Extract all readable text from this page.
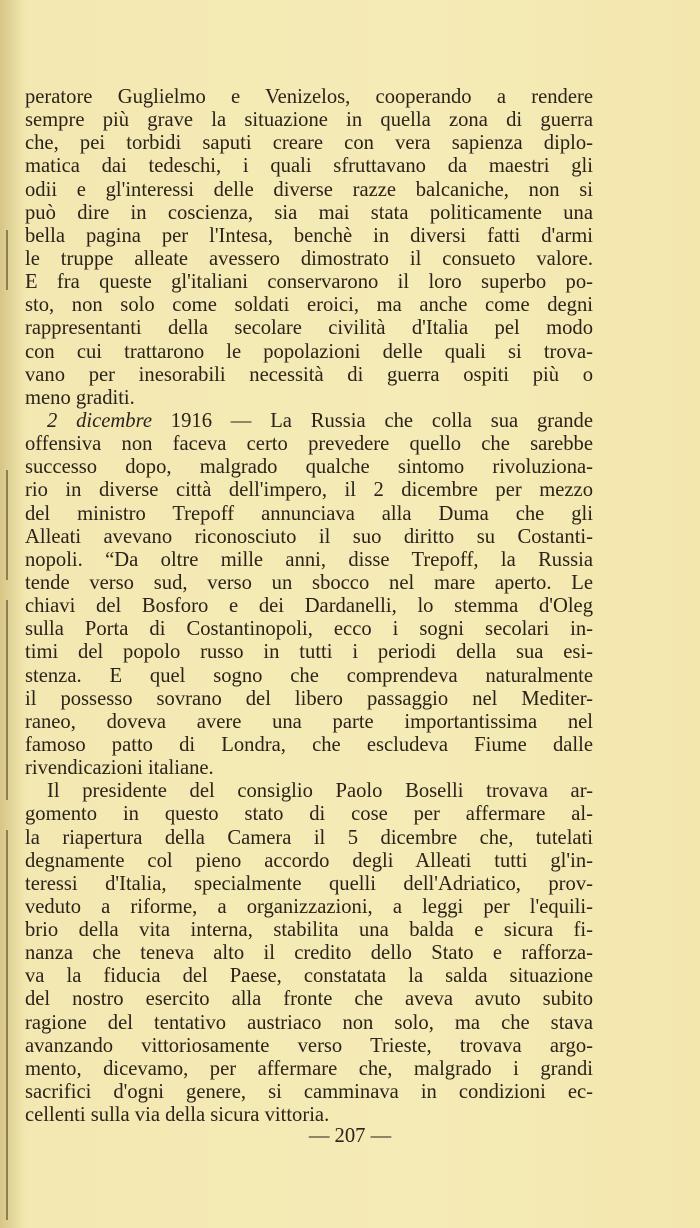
peratore Guglielmo e Venizelos, cooperando a rendere
sempre più grave la situazione in quella zona di guerra
che, pei torbidi saputi creare con vera sapienza diplo-
matica dai tedeschi, i quali sfruttavano da maestri gli
odii e gl'interessi delle diverse razze balcaniche, non si
può dire in coscienza, sia mai stata politicamente una
bella pagina per l'Intesa, benchè in diversi fatti d'armi
le truppe alleate avessero dimostrato il consueto valore.
E fra queste gl'italiani conservarono il loro superbo po-
sto, non solo come soldati eroici, ma anche come degni
rappresentanti della secolare civilità d'Italia pel modo
con cui trattarono le popolazioni delle quali si trova-
vano per inesorabili necessità di guerra ospiti più o
meno graditi.
2 dicembre 1916 — La Russia che colla sua grande
offensiva non faceva certo prevedere quello che sarebbe
successo dopo, malgrado qualche sintomo rivoluziona-
rio in diverse città dell'impero, il 2 dicembre per mezzo
del ministro Trepoff annunciava alla Duma che gli
Alleati avevano riconosciuto il suo diritto su Costanti-
nopoli. “Da oltre mille anni, disse Trepoff, la Russia
tende verso sud, verso un sbocco nel mare aperto. Le
chiavi del Bosforo e dei Dardanelli, lo stemma d'Oleg
sulla Porta di Costantinopoli, ecco i sogni secolari in-
timi del popolo russo in tutti i periodi della sua esi-
stenza. E quel sogno che comprendeva naturalmente
il possesso sovrano del libero passaggio nel Mediter-
raneo, doveva avere una parte importantissima nel
famoso patto di Londra, che escludeva Fiume dalle
rivendicazioni italiane.
Il presidente del consiglio Paolo Boselli trovava ar-
gomento in questo stato di cose per affermare al-
la riapertura della Camera il 5 dicembre che, tutelati
degnamente col pieno accordo degli Alleati tutti gl'in-
teressi d'Italia, specialmente quelli dell'Adriatico, prov-
veduto a riforme, a organizzazioni, a leggi per l'equili-
brio della vita interna, stabilita una balda e sicura fi-
nanza che teneva alto il credito dello Stato e rafforza-
va la fiducia del Paese, constatata la salda situazione
del nostro esercito alla fronte che aveva avuto subito
ragione del tentativo austriaco non solo, ma che stava
avanzando vittoriosamente verso Trieste, trovava argo-
mento, dicevamo, per affermare che, malgrado i grandi
sacrifici d'ogni genere, si camminava in condizioni ec-
cellenti sulla via della sicura vittoria.
— 207 —
